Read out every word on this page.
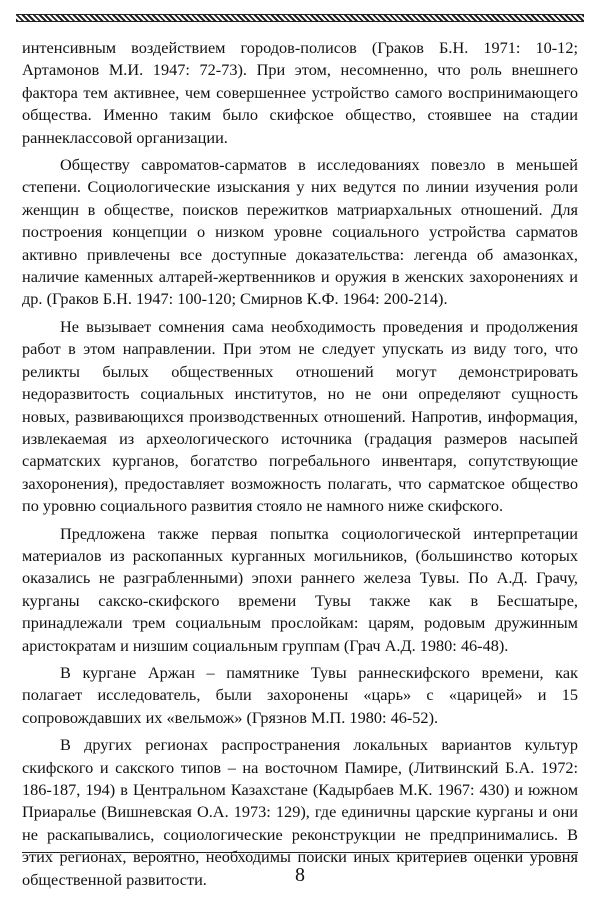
интенсивным воздействием городов-полисов (Граков Б.Н. 1971: 10-12; Артамонов М.И. 1947: 72-73). При этом, несомненно, что роль внешнего фактора тем активнее, чем совершеннее устройство самого воспринимающего общества. Именно таким было скифское общество, стоявшее на стадии раннеклассовой организации.

Обществу савроматов-сарматов в исследованиях повезло в меньшей степени. Социологические изыскания у них ведутся по линии изучения роли женщин в обществе, поисков пережитков матриархальных отношений. Для построения концепции о низком уровне социального устройства сарматов активно привлечены все доступные доказательства: легенда об амазонках, наличие каменных алтарей-жертвенников и оружия в женских захоронениях и др. (Граков Б.Н. 1947: 100-120; Смирнов К.Ф. 1964: 200-214).

Не вызывает сомнения сама необходимость проведения и продолжения работ в этом направлении. При этом не следует упускать из виду того, что реликты былых общественных отношений могут демонстрировать недоразвитость социальных институтов, но не они определяют сущность новых, развивающихся производственных отношений. Напротив, информация, извлекаемая из археологического источника (градация размеров насыпей сарматских курганов, богатство погребального инвентаря, сопутствующие захоронения), предоставляет возможность полагать, что сарматское общество по уровню социального развития стояло не намного ниже скифского.

Предложена также первая попытка социологической интерпретации материалов из раскопанных курганных могильников, (большинство которых оказались не разграбленными) эпохи раннего железа Тувы. По А.Д. Грачу, курганы сакско-скифского времени Тувы также как в Бесшатыре, принадлежали трем социальным прослойкам: царям, родовым дружинным аристократам и низшим социальным группам (Грач А.Д. 1980: 46-48).

В кургане Аржан – памятнике Тувы раннескифского времени, как полагает исследователь, были захоронены «царь» с «царицей» и 15 сопровождавших их «вельмож» (Грязнов М.П. 1980: 46-52).

В других регионах распространения локальных вариантов культур скифского и сакского типов – на восточном Памире, (Литвинский Б.А. 1972: 186-187, 194) в Центральном Казахстане (Кадырбаев М.К. 1967: 430) и южном Приаралье (Вишневская О.А. 1973: 129), где единичны царские курганы и они не раскапывались, социологические реконструкции не предпринимались. В этих регионах, вероятно, необходимы поиски иных критериев оценки уровня общественной развитости.	8
